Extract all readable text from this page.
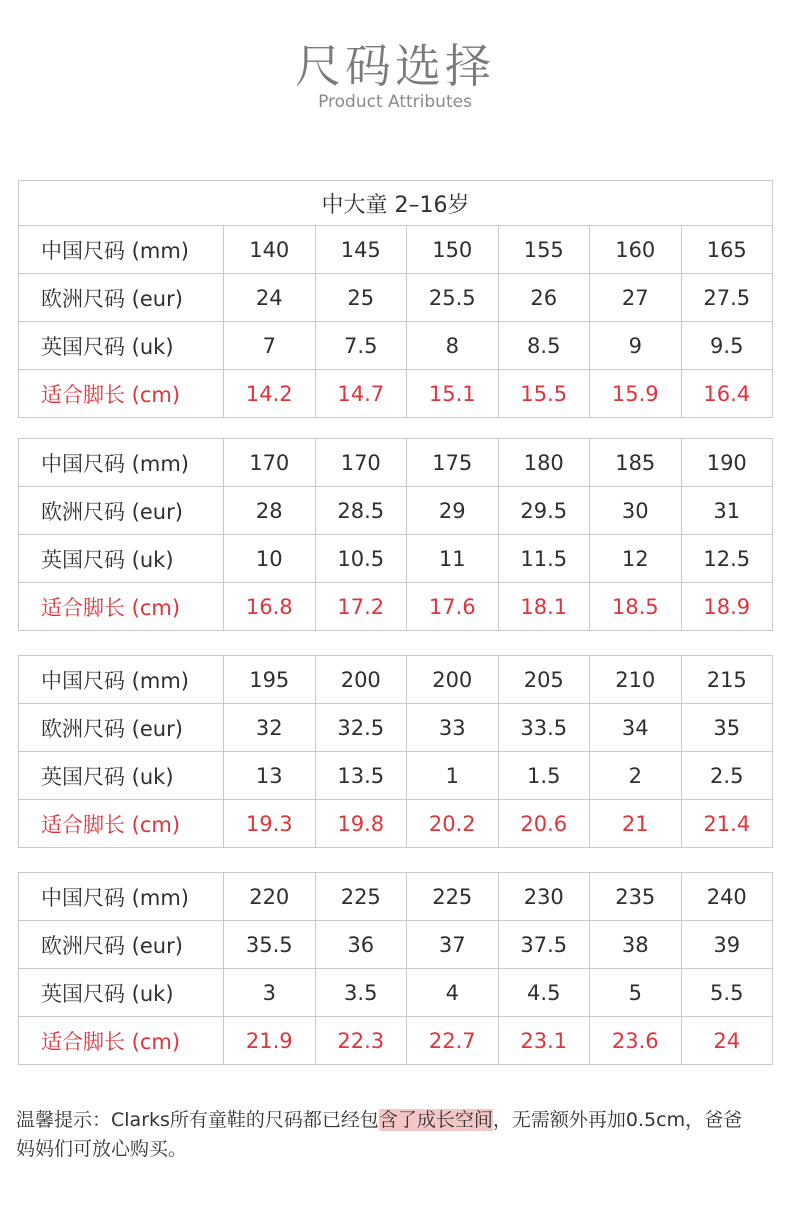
尺码选择
Product Attributes
中大童 2–16岁						
中国尺码 (mm)	140	145	150	155	160	165
欧洲尺码 (eur)	24	25	25.5	26	27	27.5
英国尺码 (uk)	7	7.5	8	8.5	9	9.5
适合脚长 (cm)	14.2	14.7	15.1	15.5	15.9	16.4
中国尺码 (mm)	170	170	175	180	185	190
欧洲尺码 (eur)	28	28.5	29	29.5	30	31
英国尺码 (uk)	10	10.5	11	11.5	12	12.5
适合脚长 (cm)	16.8	17.2	17.6	18.1	18.5	18.9
中国尺码 (mm)	195	200	200	205	210	215
欧洲尺码 (eur)	32	32.5	33	33.5	34	35
英国尺码 (uk)	13	13.5	1	1.5	2	2.5
适合脚长 (cm)	19.3	19.8	20.2	20.6	21	21.4
中国尺码 (mm)	220	225	225	230	235	240
欧洲尺码 (eur)	35.5	36	37	37.5	38	39
英国尺码 (uk)	3	3.5	4	4.5	5	5.5
适合脚长 (cm)	21.9	22.3	22.7	23.1	23.6	24
温馨提示：Clarks所有童鞋的尺码都已经包含了成长空间，无需额外再加0.5cm，爸爸妈妈们可放心购买。
